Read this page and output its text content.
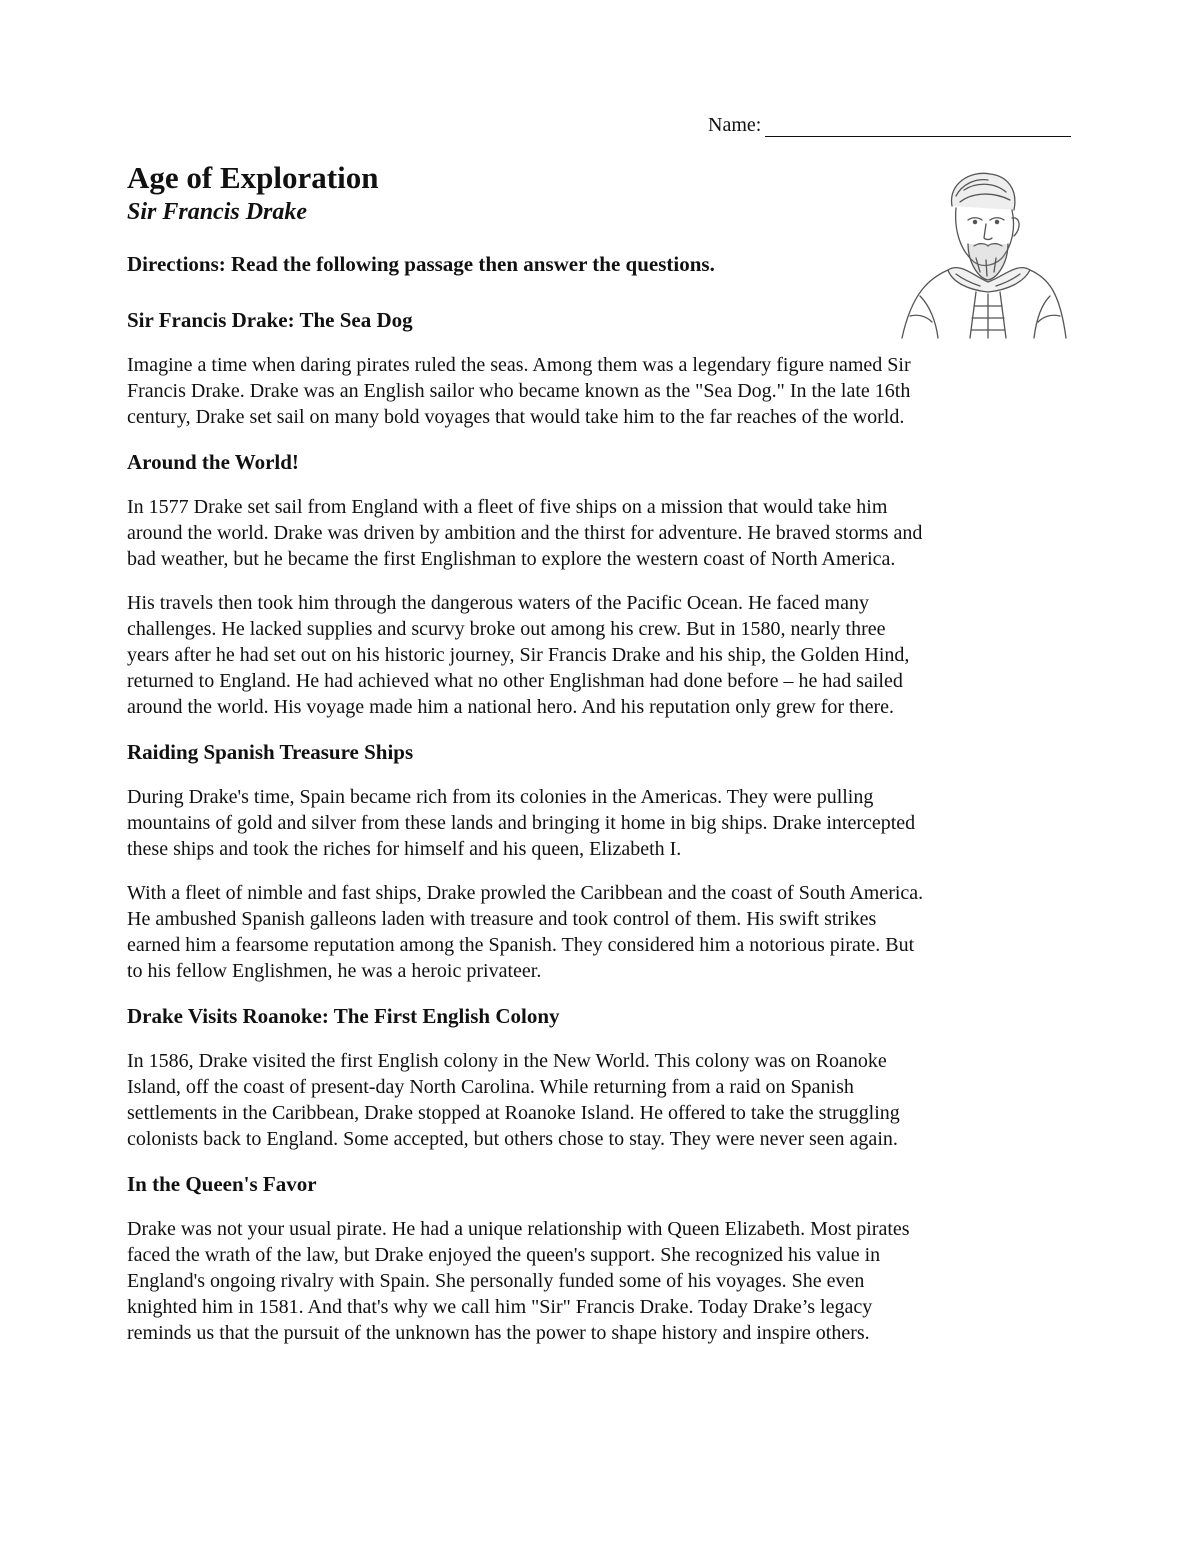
Name:
Age of Exploration
Sir Francis Drake

Directions: Read the following passage then answer the questions.

Sir Francis Drake: The Sea Dog

Imagine a time when daring pirates ruled the seas. Among them was a legendary figure named Sir
Francis Drake. Drake was an English sailor who became known as the "Sea Dog." In the late 16th
century, Drake set sail on many bold voyages that would take him to the far reaches of the world.

Around the World!

In 1577 Drake set sail from England with a fleet of five ships on a mission that would take him
around the world. Drake was driven by ambition and the thirst for adventure. He braved storms and
bad weather, but he became the first Englishman to explore the western coast of North America.

His travels then took him through the dangerous waters of the Pacific Ocean. He faced many
challenges. He lacked supplies and scurvy broke out among his crew. But in 1580, nearly three
years after he had set out on his historic journey, Sir Francis Drake and his ship, the Golden Hind,
returned to England. He had achieved what no other Englishman had done before – he had sailed
around the world. His voyage made him a national hero. And his reputation only grew for there.

Raiding Spanish Treasure Ships

During Drake's time, Spain became rich from its colonies in the Americas. They were pulling
mountains of gold and silver from these lands and bringing it home in big ships. Drake intercepted
these ships and took the riches for himself and his queen, Elizabeth I.

With a fleet of nimble and fast ships, Drake prowled the Caribbean and the coast of South America.
He ambushed Spanish galleons laden with treasure and took control of them. His swift strikes
earned him a fearsome reputation among the Spanish. They considered him a notorious pirate. But
to his fellow Englishmen, he was a heroic privateer.

Drake Visits Roanoke: The First English Colony

In 1586, Drake visited the first English colony in the New World. This colony was on Roanoke
Island, off the coast of present-day North Carolina. While returning from a raid on Spanish
settlements in the Caribbean, Drake stopped at Roanoke Island. He offered to take the struggling
colonists back to England. Some accepted, but others chose to stay. They were never seen again.

In the Queen's Favor

Drake was not your usual pirate. He had a unique relationship with Queen Elizabeth. Most pirates
faced the wrath of the law, but Drake enjoyed the queen's support. She recognized his value in
England's ongoing rivalry with Spain. She personally funded some of his voyages. She even
knighted him in 1581. And that's why we call him "Sir" Francis Drake. Today Drake’s legacy
reminds us that the pursuit of the unknown has the power to shape history and inspire others.
